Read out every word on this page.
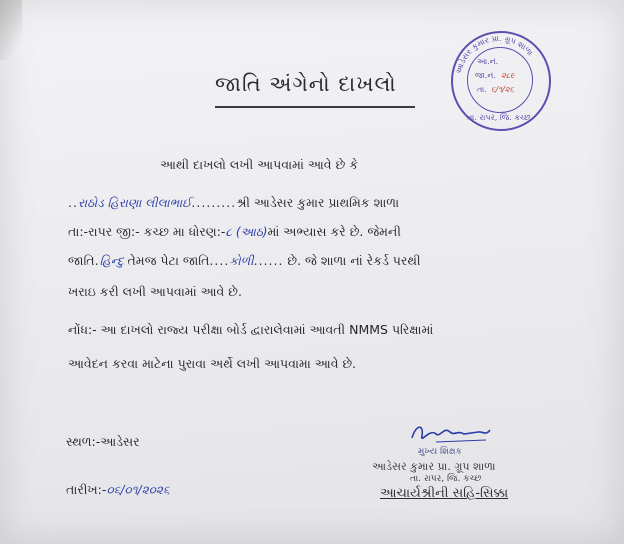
જાતિ અંગેનો દાખલો
આડેસર કુમાર પ્રા. ગ્રૂપ શાળા
આ.નં.
જા.નં. ૨૮૯
તા. ૬/૧/૨૬
તા. રાપર, જિ. કચ્છ
આથી દાખલો લખી આપવામાં આવે છે કે
..રાઠોડ હિરાણા લીલાભાઈ.........શ્રી આડેસર કુમાર પ્રાથમિક શાળા
તા:-રાપર જી:- કચ્છ મા ધોરણ:-૮ (આઠ)માં અભ્યાસ કરે છે. જેમની
જાતિ.હિન્દુ તેમજ પેટા જાતિ....કોળી...... છે. જે શાળા નાં રેકર્ડ પરથી
ખરાઇ કરી લખી આપવામાં આવે છે.
નોંધ:- આ દાખલો રાજ્ય પરીક્ષા બોર્ડ દ્વારાલેવામાં આવતી NMMS પરિક્ષામાં
આવેદન કરવા માટેના પુરાવા અર્થે લખી આપવામા આવે છે.
સ્થળ:-આડેસર
તારીખ:-૦૬/૦૧/૨૦૨૬
મુખ્ય શિક્ષક
આડેસર કુમાર પ્રા. ગ્રૂપ શાળા
તા. રાપર, જિ. કચ્છ
આચાર્યશ્રીની સહિ-સિક્કા
